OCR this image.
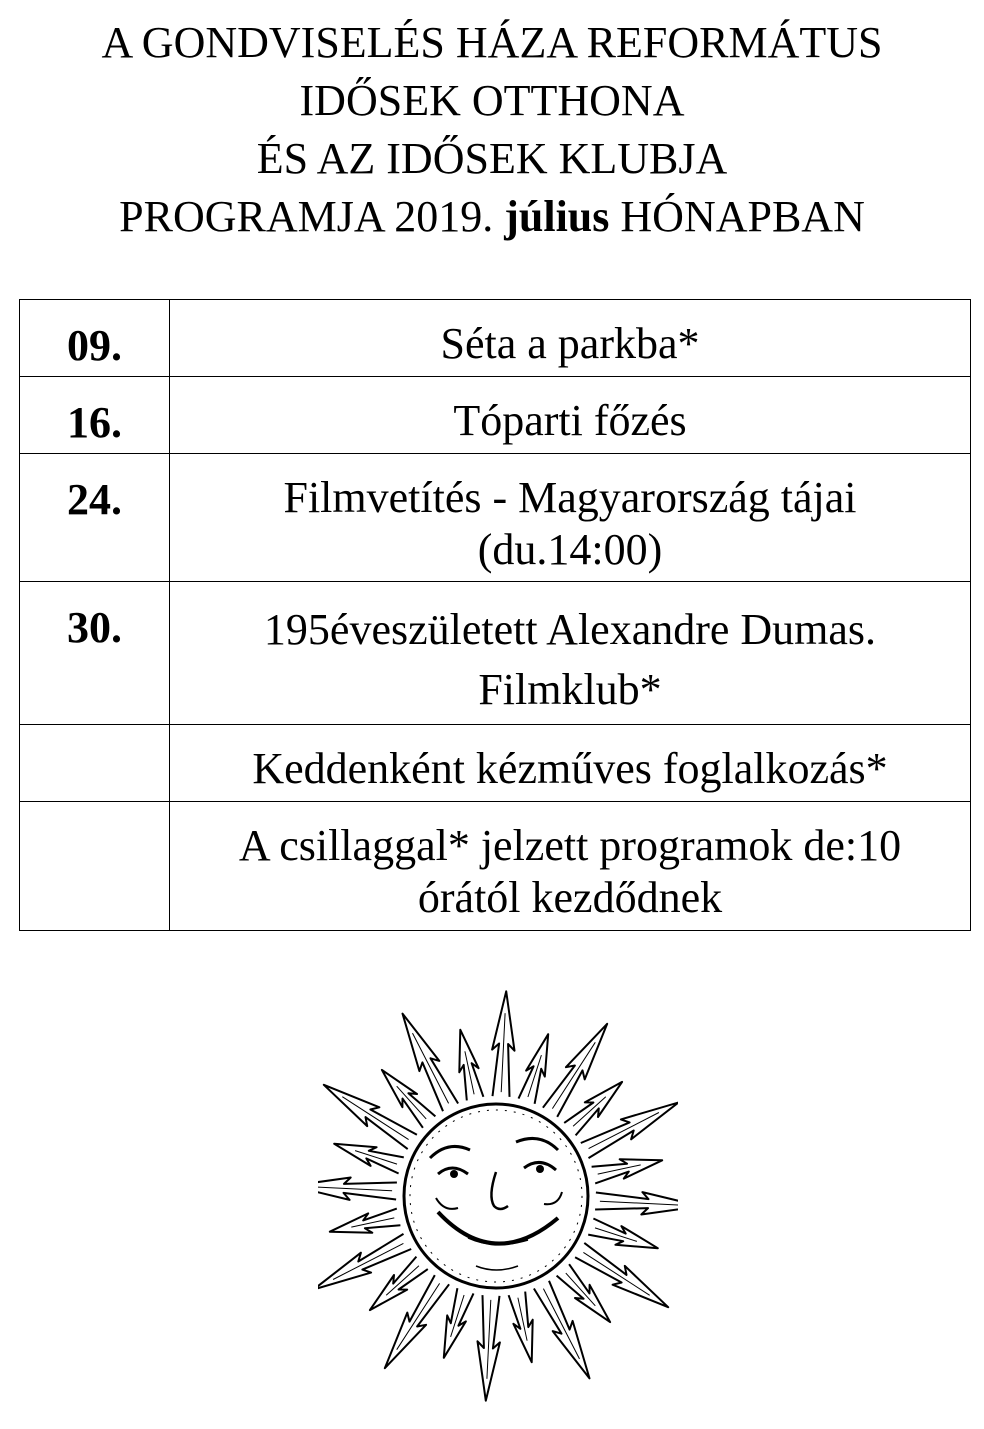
A GONDVISELÉS HÁZA REFORMÁTUS
IDŐSEK OTTHONA
ÉS AZ IDŐSEK KLUBJA
PROGRAMJA 2019. július HÓNAPBAN
09.	Séta a parkba*

16.	Tóparti főzés

24.	Filmvetítés - Magyarország tájai
(du.14:00)

30.	195éveszületett Alexandre Dumas.
Filmklub*

	Keddenként kézműves foglalkozás*

	A csillaggal* jelzett programok de:10
órától kezdődnek
